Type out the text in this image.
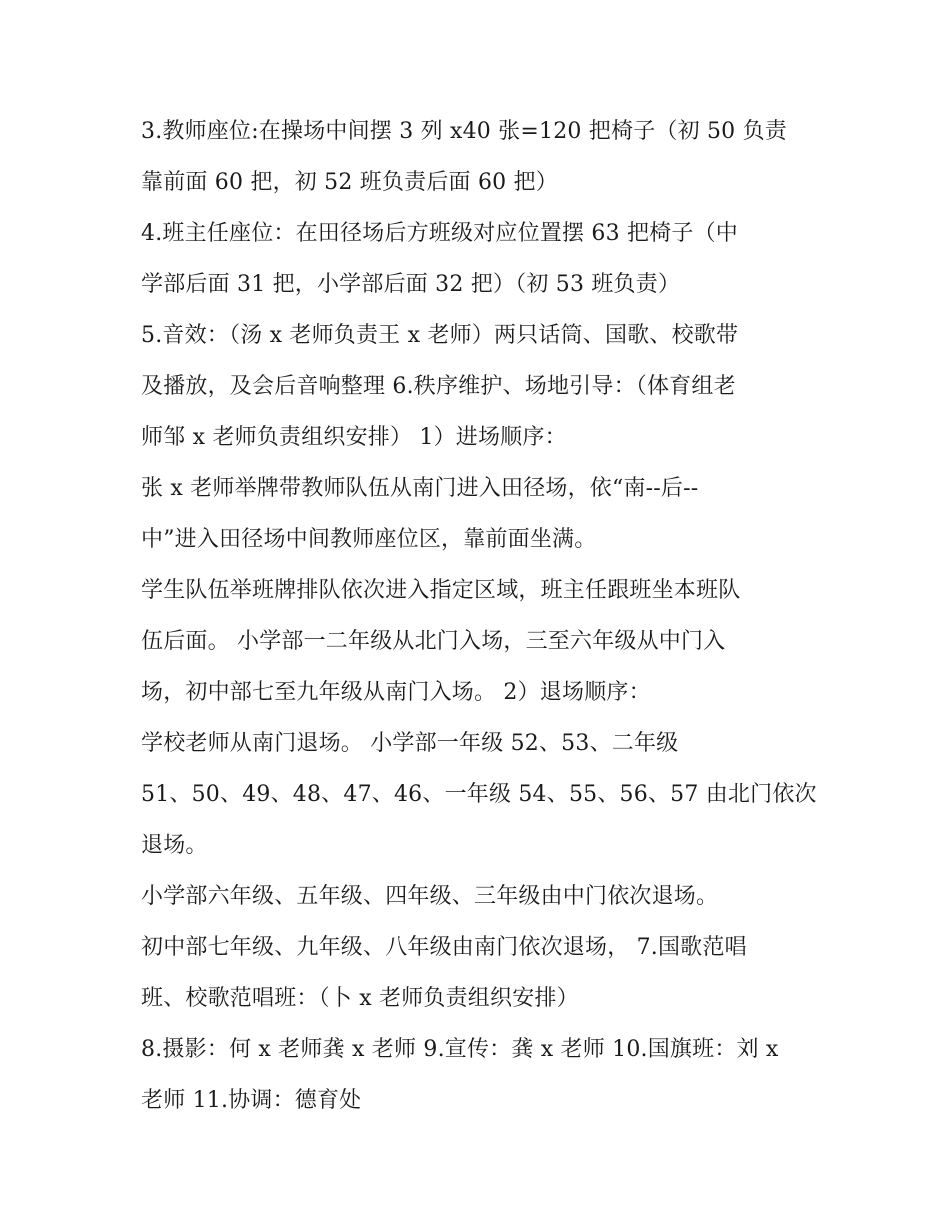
3.教师座位:在操场中间摆 3 列 x40 张=120 把椅子（初 50 负责
靠前面 60 把，初 52 班负责后面 60 把）
4.班主任座位：在田径场后方班级对应位置摆 63 把椅子（中
学部后面 31 把，小学部后面 32 把）（初 53 班负责）
5.音效：（汤 x 老师负责王 x 老师）两只话筒、国歌、校歌带
及播放，及会后音响整理 6.秩序维护、场地引导：（体育组老
师邹 x 老师负责组织安排） 1）进场顺序：
张 x 老师举牌带教师队伍从南门进入田径场，依“南--后--
中”进入田径场中间教师座位区，靠前面坐满。
学生队伍举班牌排队依次进入指定区域，班主任跟班坐本班队
伍后面。 小学部一二年级从北门入场，三至六年级从中门入
场，初中部七至九年级从南门入场。 2）退场顺序：
学校老师从南门退场。 小学部一年级 52、53、二年级
51、50、49、48、47、46、一年级 54、55、56、57 由北门依次
退场。
小学部六年级、五年级、四年级、三年级由中门依次退场。
初中部七年级、九年级、八年级由南门依次退场， 7.国歌范唱
班、校歌范唱班：（卜 x 老师负责组织安排）
8.摄影：何 x 老师龚 x 老师 9.宣传：龚 x 老师 10.国旗班：刘 x
老师 11.协调：德育处
